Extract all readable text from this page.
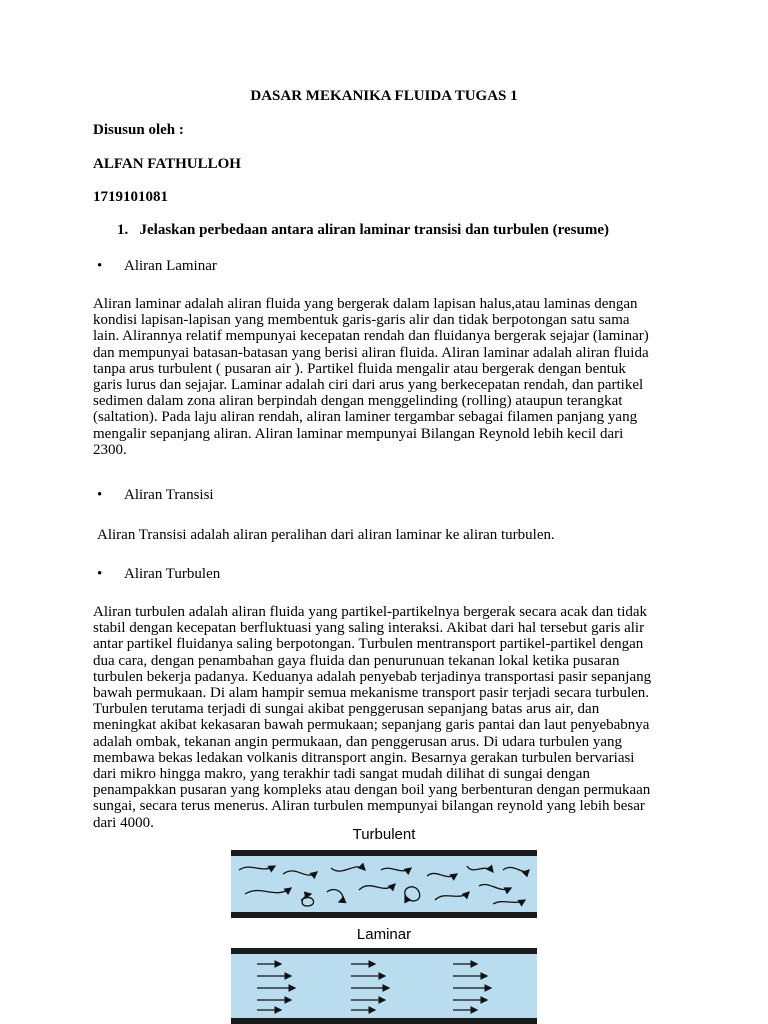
DASAR MEKANIKA FLUIDA TUGAS 1
Disusun oleh :
ALFAN FATHULLOH
1719101081
1.   Jelaskan perbedaan antara aliran laminar transisi dan turbulen (resume)
• Aliran Laminar
Aliran laminar adalah aliran fluida yang bergerak dalam lapisan halus,atau laminas dengan
kondisi lapisan-lapisan yang membentuk garis-garis alir dan tidak berpotongan satu sama
lain. Alirannya relatif mempunyai kecepatan rendah dan fluidanya bergerak sejajar (laminar)
dan mempunyai batasan-batasan yang berisi aliran fluida. Aliran laminar adalah aliran fluida
tanpa arus turbulent ( pusaran air ). Partikel fluida mengalir atau bergerak dengan bentuk
garis lurus dan sejajar. Laminar adalah ciri dari arus yang berkecepatan rendah, dan partikel
sedimen dalam zona aliran berpindah dengan menggelinding (rolling) ataupun terangkat
(saltation). Pada laju aliran rendah, aliran laminer tergambar sebagai filamen panjang yang
mengalir sepanjang aliran. Aliran laminar mempunyai Bilangan Reynold lebih kecil dari
2300.
• Aliran Transisi
Aliran Transisi adalah aliran peralihan dari aliran laminar ke aliran turbulen.
• Aliran Turbulen
Aliran turbulen adalah aliran fluida yang partikel-partikelnya bergerak secara acak dan tidak
stabil dengan kecepatan berfluktuasi yang saling interaksi. Akibat dari hal tersebut garis alir
antar partikel fluidanya saling berpotongan. Turbulen mentransport partikel-partikel dengan
dua cara, dengan penambahan gaya fluida dan penurunuan tekanan lokal ketika pusaran
turbulen bekerja padanya. Keduanya adalah penyebab terjadinya transportasi pasir sepanjang
bawah permukaan. Di alam hampir semua mekanisme transport pasir terjadi secara turbulen.
Turbulen terutama terjadi di sungai akibat penggerusan sepanjang batas arus air, dan
meningkat akibat kekasaran bawah permukaan; sepanjang garis pantai dan laut penyebabnya
adalah ombak, tekanan angin permukaan, dan penggerusan arus. Di udara turbulen yang
membawa bekas ledakan volkanis ditransport angin. Besarnya gerakan turbulen bervariasi
dari mikro hingga makro, yang terakhir tadi sangat mudah dilihat di sungai dengan
penampakkan pusaran yang kompleks atau dengan boil yang berbenturan dengan permukaan
sungai, secara terus menerus. Aliran turbulen mempunyai bilangan reynold yang lebih besar
dari 4000.
Turbulent
Laminar
